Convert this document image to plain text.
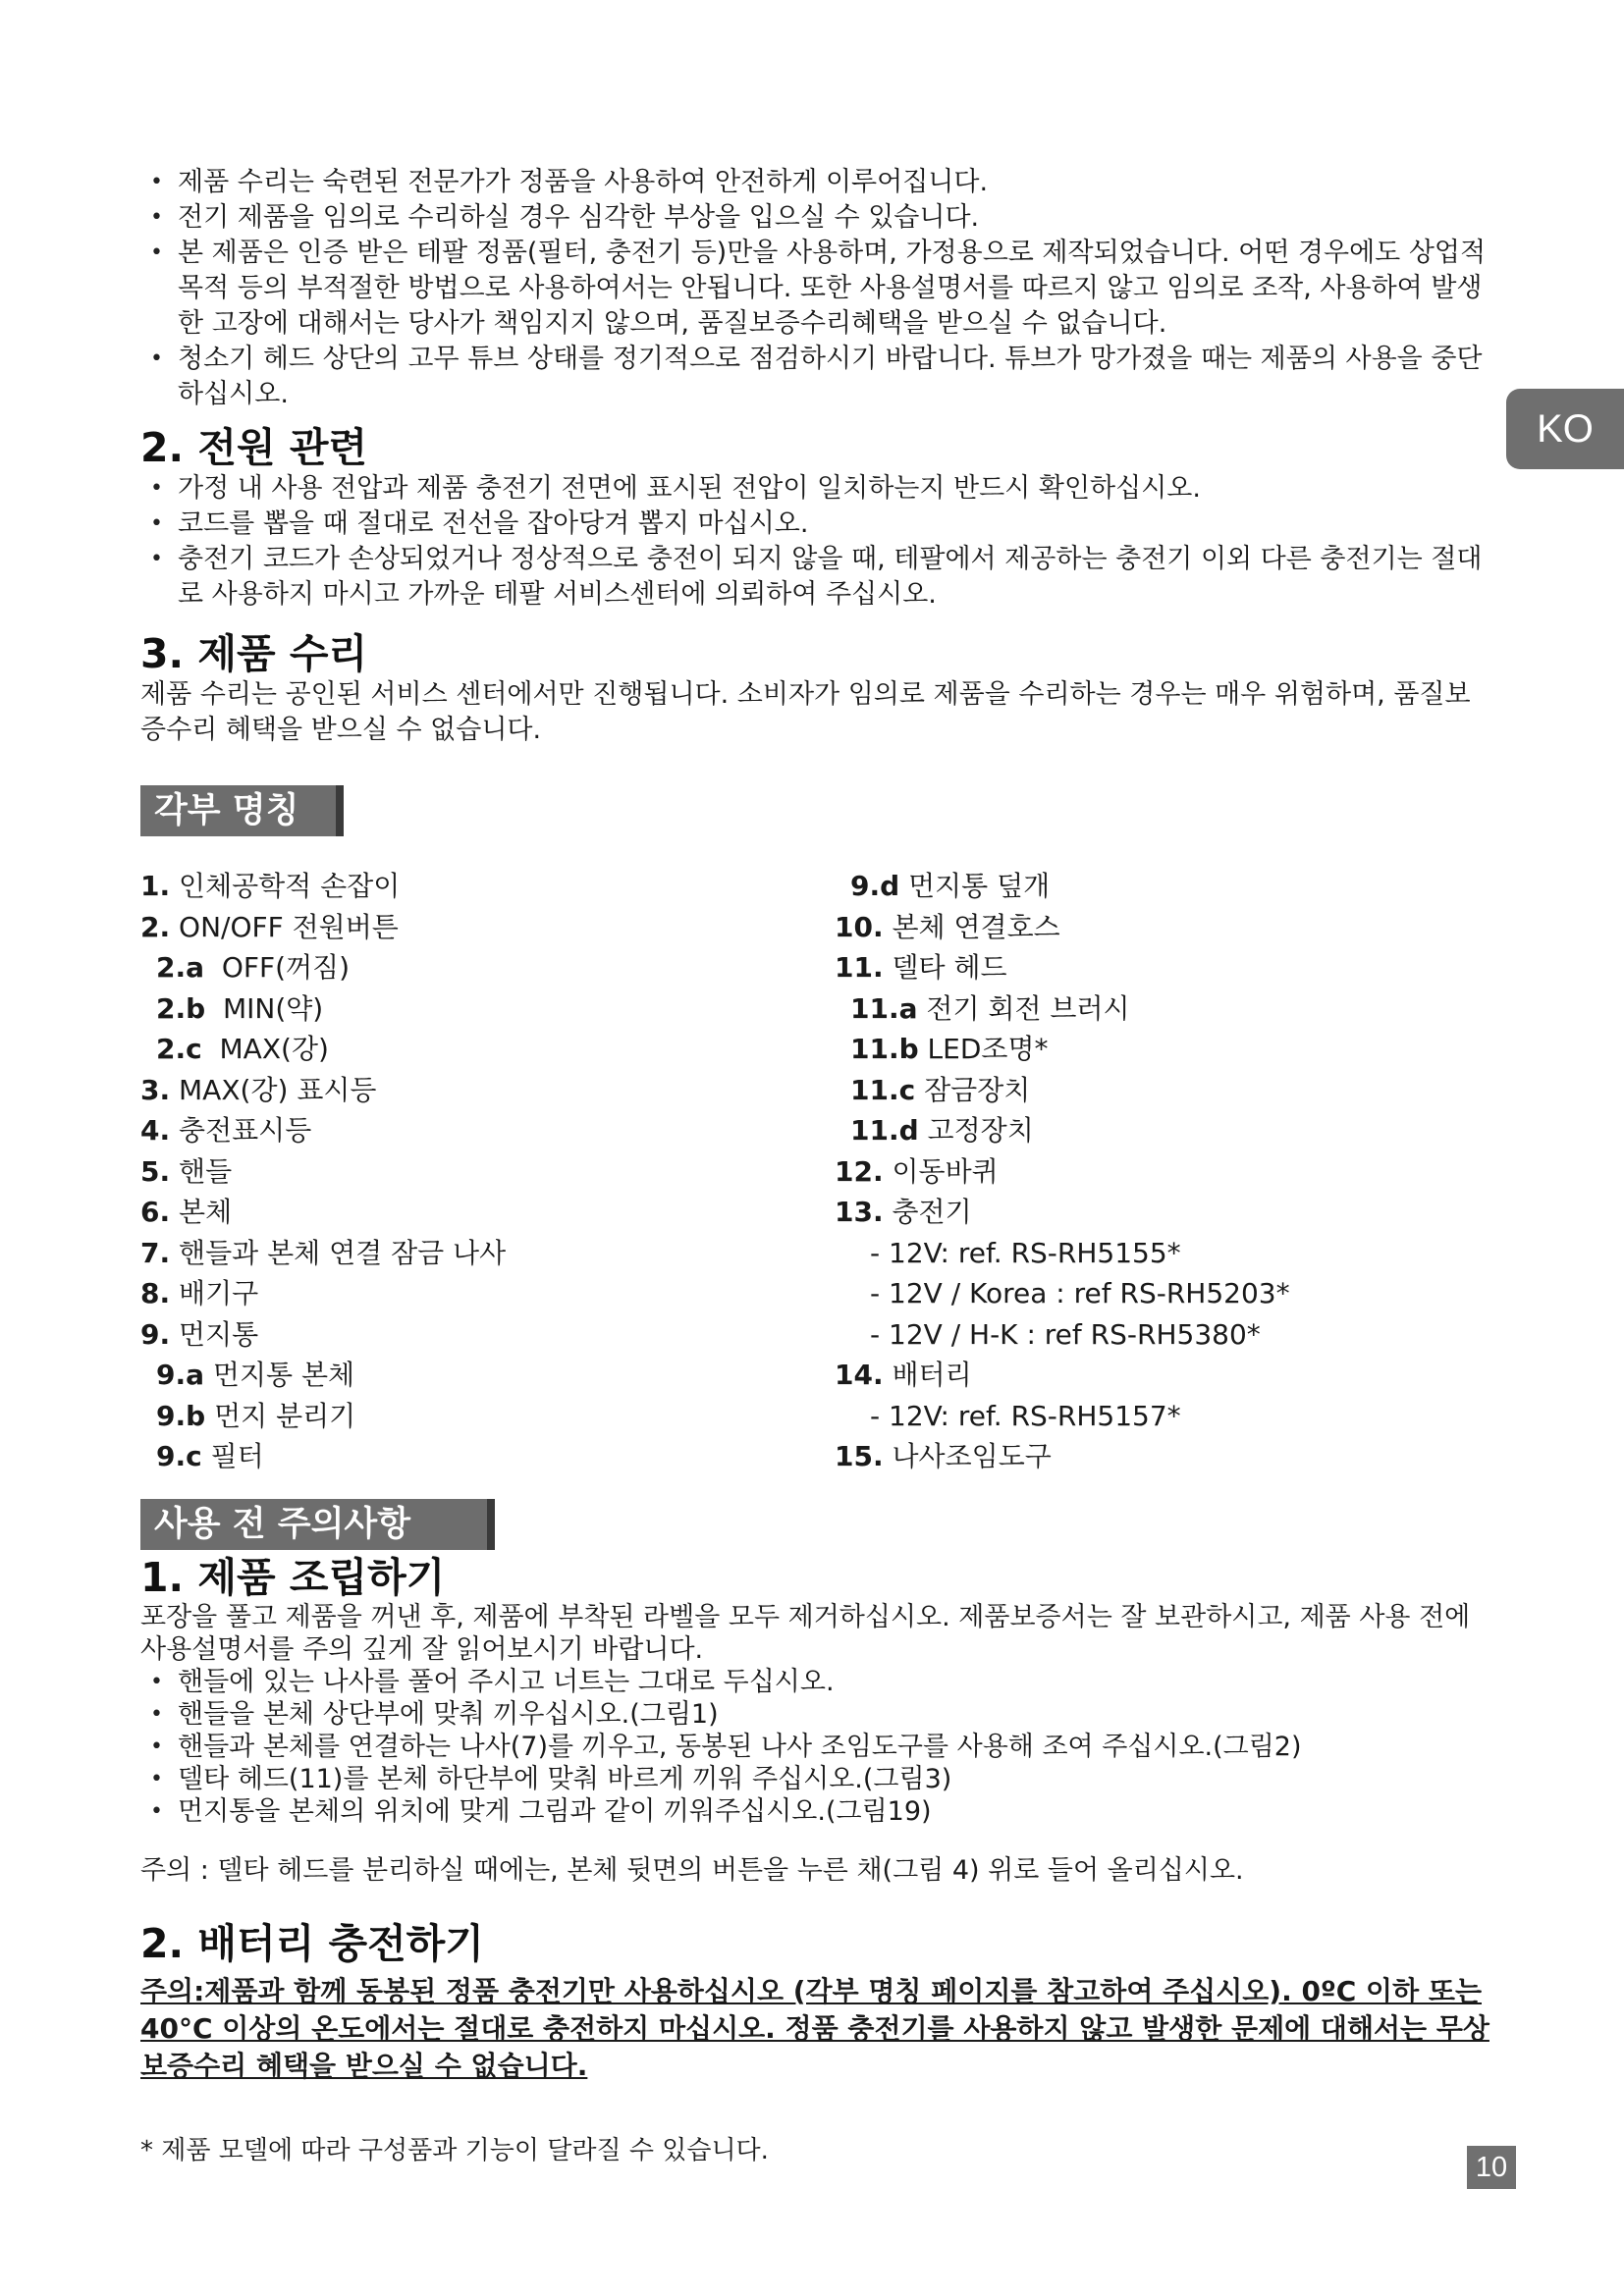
KO
• 제품 수리는 숙련된 전문가가 정품을 사용하여 안전하게 이루어집니다.
• 전기 제품을 임의로 수리하실 경우 심각한 부상을 입으실 수 있습니다.
• 본 제품은 인증 받은 테팔 정품(필터, 충전기 등)만을 사용하며, 가정용으로 제작되었습니다. 어떤 경우에도 상업적 목적 등의 부적절한 방법으로 사용하여서는 안됩니다. 또한 사용설명서를 따르지 않고 임의로 조작, 사용하여 발생한 고장에 대해서는 당사가 책임지지 않으며, 품질보증수리혜택을 받으실 수 없습니다.
• 청소기 헤드 상단의 고무 튜브 상태를 정기적으로 점검하시기 바랍니다. 튜브가 망가졌을 때는 제품의 사용을 중단하십시오.
2. 전원 관련
• 가정 내 사용 전압과 제품 충전기 전면에 표시된 전압이 일치하는지 반드시 확인하십시오.
• 코드를 뽑을 때 절대로 전선을 잡아당겨 뽑지 마십시오.
• 충전기 코드가 손상되었거나 정상적으로 충전이 되지 않을 때, 테팔에서 제공하는 충전기 이외 다른 충전기는 절대로 사용하지 마시고 가까운 테팔 서비스센터에 의뢰하여 주십시오.
3. 제품 수리

제품 수리는 공인된 서비스 센터에서만 진행됩니다. 소비자가 임의로 제품을 수리하는 경우는 매우 위험하며, 품질보증수리 혜택을 받으실 수 없습니다.

각부 명칭
1. 인체공학적 손잡이
2. ON/OFF 전원버튼
2.a  OFF(꺼짐)
2.b  MIN(약)
2.c  MAX(강)
3. MAX(강) 표시등
4. 충전표시등
5. 핸들
6. 본체
7. 핸들과 본체 연결 잠금 나사
8. 배기구
9. 먼지통
9.a 먼지통 본체
9.b 먼지 분리기
9.c 필터
9.d 먼지통 덮개
10. 본체 연결호스
11. 델타 헤드
11.a 전기 회전 브러시
11.b LED조명*
11.c 잠금장치
11.d 고정장치
12. 이동바퀴
13. 충전기
- 12V: ref. RS-RH5155*
- 12V / Korea : ref RS-RH5203*
- 12V / H-K : ref RS-RH5380*
14. 배터리
- 12V: ref. RS-RH5157*
15. 나사조임도구
사용 전 주의사항
1. 제품 조립하기

포장을 풀고 제품을 꺼낸 후, 제품에 부착된 라벨을 모두 제거하십시오. 제품보증서는 잘 보관하시고, 제품 사용 전에 사용설명서를 주의 깊게 잘 읽어보시기 바랍니다.

• 핸들에 있는 나사를 풀어 주시고 너트는 그대로 두십시오.
• 핸들을 본체 상단부에 맞춰 끼우십시오.(그림1)
• 핸들과 본체를 연결하는 나사(7)를 끼우고, 동봉된 나사 조임도구를 사용해 조여 주십시오.(그림2)
• 델타 헤드(11)를 본체 하단부에 맞춰 바르게 끼워 주십시오.(그림3)
• 먼지통을 본체의 위치에 맞게 그림과 같이 끼워주십시오.(그림19)

주의 : 델타 헤드를 분리하실 때에는, 본체 뒷면의 버튼을 누른 채(그림 4) 위로 들어 올리십시오.

2. 배터리 충전하기

주의:제품과 함께 동봉된 정품 충전기만 사용하십시오 (각부 명칭 페이지를 참고하여 주십시오). 0ºC 이하 또는 40°C 이상의 온도에서는 절대로 충전하지 마십시오. 정품 충전기를 사용하지 않고 발생한 문제에 대해서는 무상보증수리 혜택을 받으실 수 없습니다.

* 제품 모델에 따라 구성품과 기능이 달라질 수 있습니다.
10
